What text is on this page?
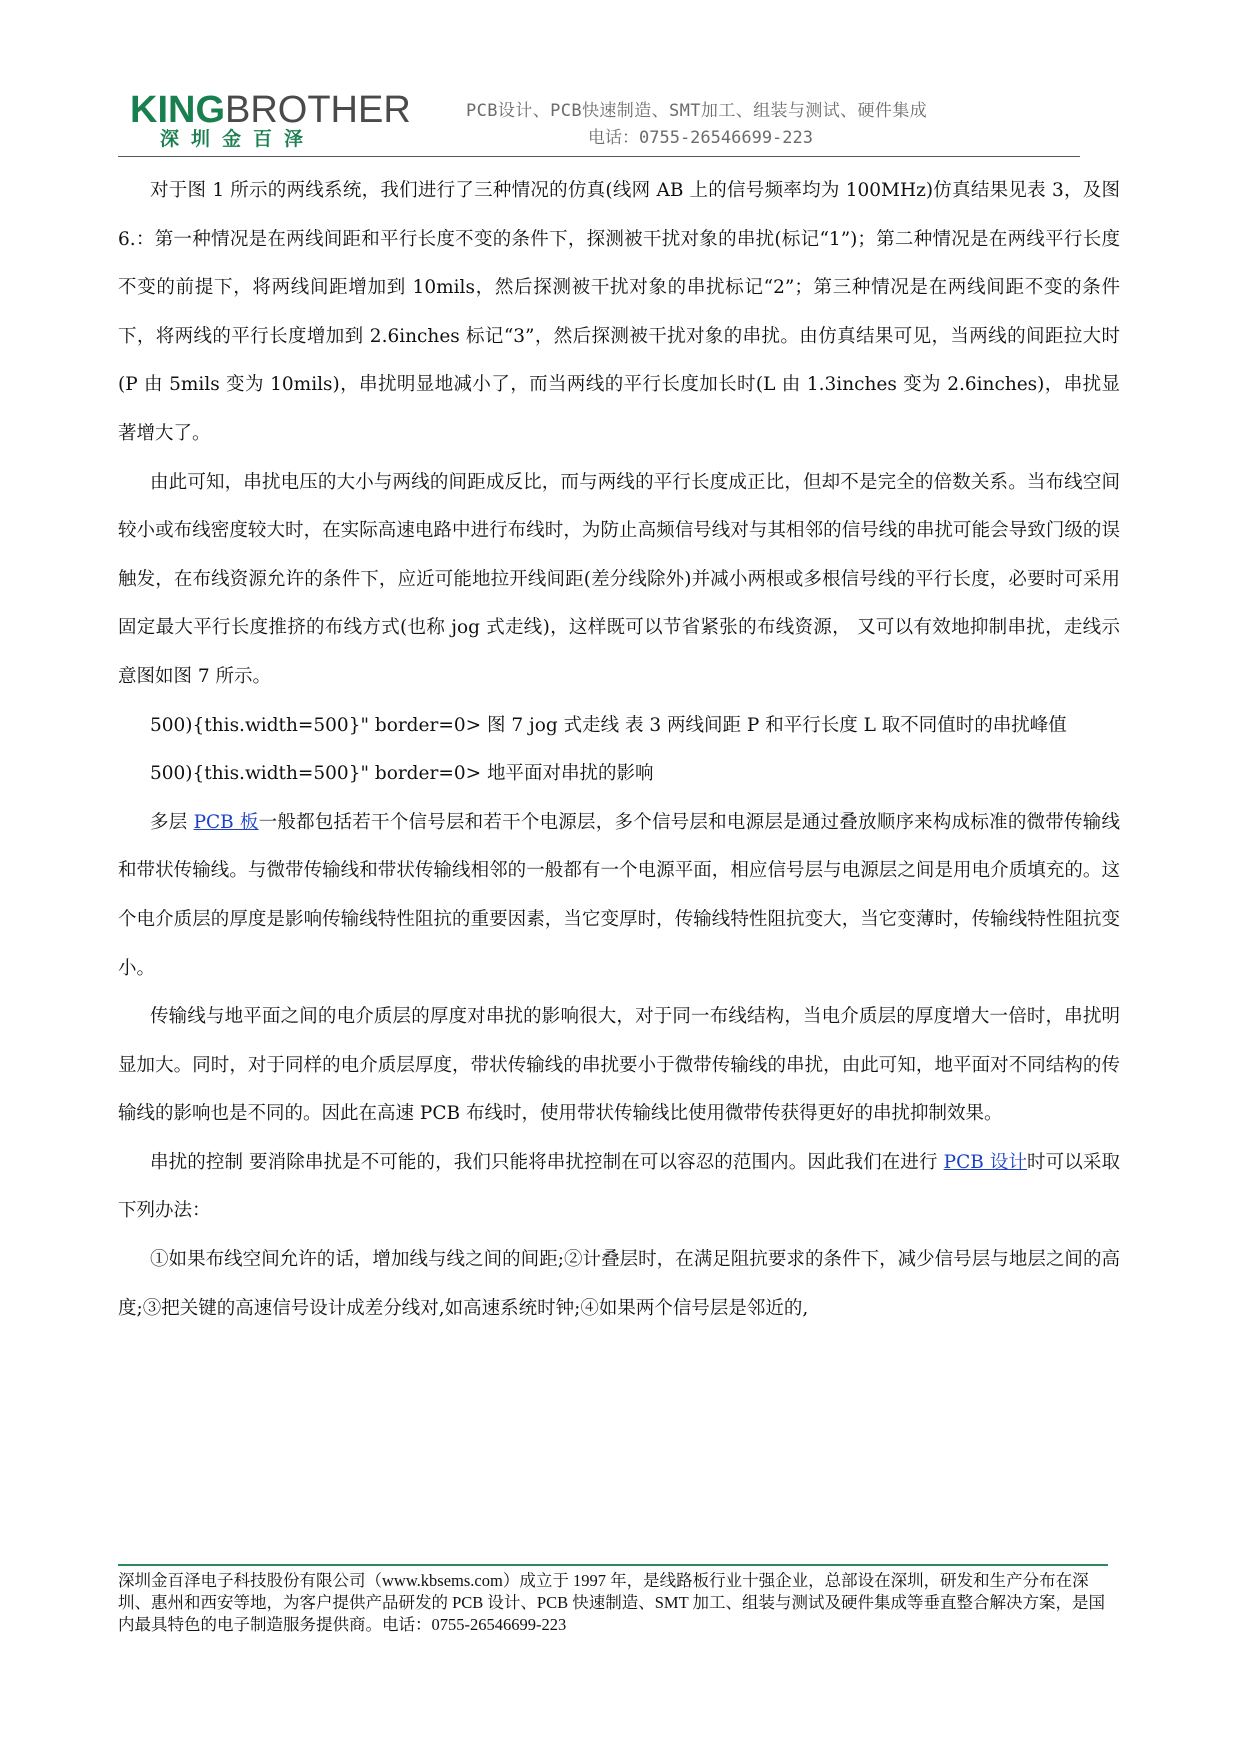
KINGBROTHER
深圳金百泽
PCB设计、PCB快速制造、SMT加工、组装与测试、硬件集成
电话：0755-26546699-223

对于图 1 所示的两线系统，我们进行了三种情况的仿真(线网 AB 上的信号频率均为 100MHz)仿真结果见表 3，及图 6.：第一种情况是在两线间距和平行长度不变的条件下，探测被干扰对象的串扰(标记“1”)；第二种情况是在两线平行长度不变的前提下，将两线间距增加到 10mils，然后探测被干扰对象的串扰标记“2”；第三种情况是在两线间距不变的条件下，将两线的平行长度增加到 2.6inches 标记“3”，然后探测被干扰对象的串扰。由仿真结果可见，当两线的间距拉大时(P 由 5mils 变为 10mils)，串扰明显地减小了，而当两线的平行长度加长时(L 由 1.3inches 变为 2.6inches)，串扰显著增大了。

由此可知，串扰电压的大小与两线的间距成反比，而与两线的平行长度成正比，但却不是完全的倍数关系。当布线空间较小或布线密度较大时，在实际高速电路中进行布线时，为防止高频信号线对与其相邻的信号线的串扰可能会导致门级的误触发，在布线资源允许的条件下，应近可能地拉开线间距(差分线除外)并减小两根或多根信号线的平行长度，必要时可采用固定最大平行长度推挤的布线方式(也称 jog 式走线)，这样既可以节省紧张的布线资源， 又可以有效地抑制串扰，走线示意图如图 7 所示。

500){this.width=500}" border=0> 图 7 jog 式走线 表 3 两线间距 P 和平行长度 L 取不同值时的串扰峰值

500){this.width=500}" border=0> 地平面对串扰的影响

多层 PCB 板一般都包括若干个信号层和若干个电源层，多个信号层和电源层是通过叠放顺序来构成标准的微带传输线和带状传输线。与微带传输线和带状传输线相邻的一般都有一个电源平面，相应信号层与电源层之间是用电介质填充的。这个电介质层的厚度是影响传输线特性阻抗的重要因素，当它变厚时，传输线特性阻抗变大，当它变薄时，传输线特性阻抗变小。

传输线与地平面之间的电介质层的厚度对串扰的影响很大，对于同一布线结构，当电介质层的厚度增大一倍时，串扰明显加大。同时，对于同样的电介质层厚度，带状传输线的串扰要小于微带传输线的串扰，由此可知，地平面对不同结构的传输线的影响也是不同的。因此在高速 PCB 布线时，使用带状传输线比使用微带传获得更好的串扰抑制效果。

串扰的控制 要消除串扰是不可能的，我们只能将串扰控制在可以容忍的范围内。因此我们在进行 PCB 设计时可以采取下列办法：

①如果布线空间允许的话，增加线与线之间的间距;②计叠层时，在满足阻抗要求的条件下，减少信号层与地层之间的高度;③把关键的高速信号设计成差分线对,如高速系统时钟;④如果两个信号层是邻近的,

深圳金百泽电子科技股份有限公司（www.kbsems.com）成立于 1997 年，是线路板行业十强企业，总部设在深圳，研发和生产分布在深圳、惠州和西安等地，为客户提供产品研发的 PCB 设计、PCB 快速制造、SMT 加工、组装与测试及硬件集成等垂直整合解决方案，是国内最具特色的电子制造服务提供商。电话：0755-26546699-223
